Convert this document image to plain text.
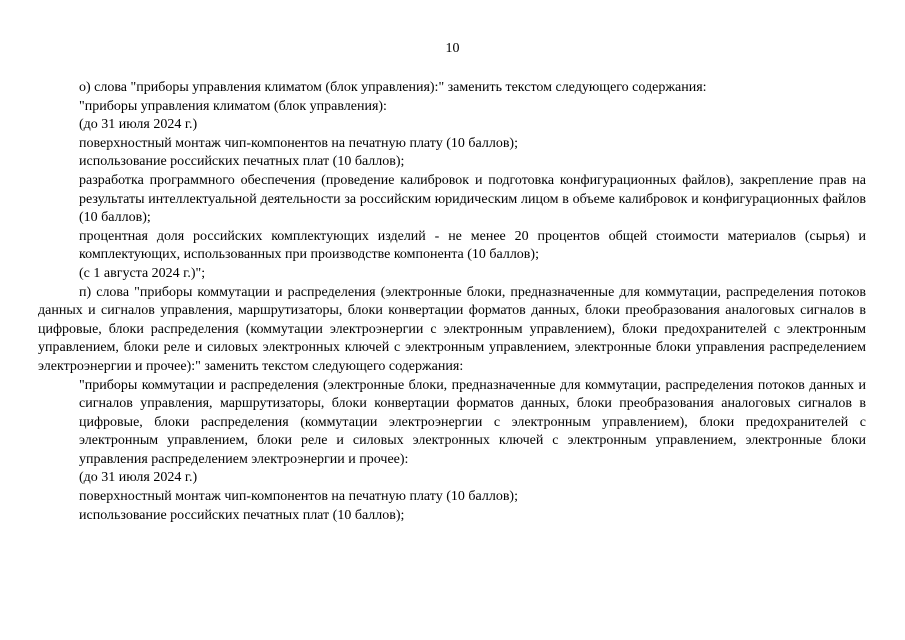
10

о) слова "приборы управления климатом (блок управления):" заменить текстом следующего содержания:

"приборы управления климатом (блок управления):

(до 31 июля 2024 г.)

поверхностный монтаж чип-компонентов на печатную плату (10 баллов);

использование российских печатных плат (10 баллов);

разработка программного обеспечения (проведение калибровок и подготовка конфигурационных файлов), закрепление прав на результаты интеллектуальной деятельности за российским юридическим лицом в объеме калибровок и конфигурационных файлов (10 баллов);

процентная доля российских комплектующих изделий - не менее 20 процентов общей стоимости материалов (сырья) и комплектующих, использованных при производстве компонента (10 баллов);

(с 1 августа 2024 г.)";

п) слова "приборы коммутации и распределения (электронные блоки, предназначенные для коммутации, распределения потоков данных и сигналов управления, маршрутизаторы, блоки конвертации форматов данных, блоки преобразования аналоговых сигналов в цифровые, блоки распределения (коммутации электроэнергии с электронным управлением), блоки предохранителей с электронным управлением, блоки реле и силовых электронных ключей с электронным управлением, электронные блоки управления распределением электроэнергии и прочее):" заменить текстом следующего содержания:

"приборы коммутации и распределения (электронные блоки, предназначенные для коммутации, распределения потоков данных и сигналов управления, маршрутизаторы, блоки конвертации форматов данных, блоки преобразования аналоговых сигналов в цифровые, блоки распределения (коммутации электроэнергии с электронным управлением), блоки предохранителей с электронным управлением, блоки реле и силовых электронных ключей с электронным управлением, электронные блоки управления распределением электроэнергии и прочее):

(до 31 июля 2024 г.)

поверхностный монтаж чип-компонентов на печатную плату (10 баллов);

использование российских печатных плат (10 баллов);
